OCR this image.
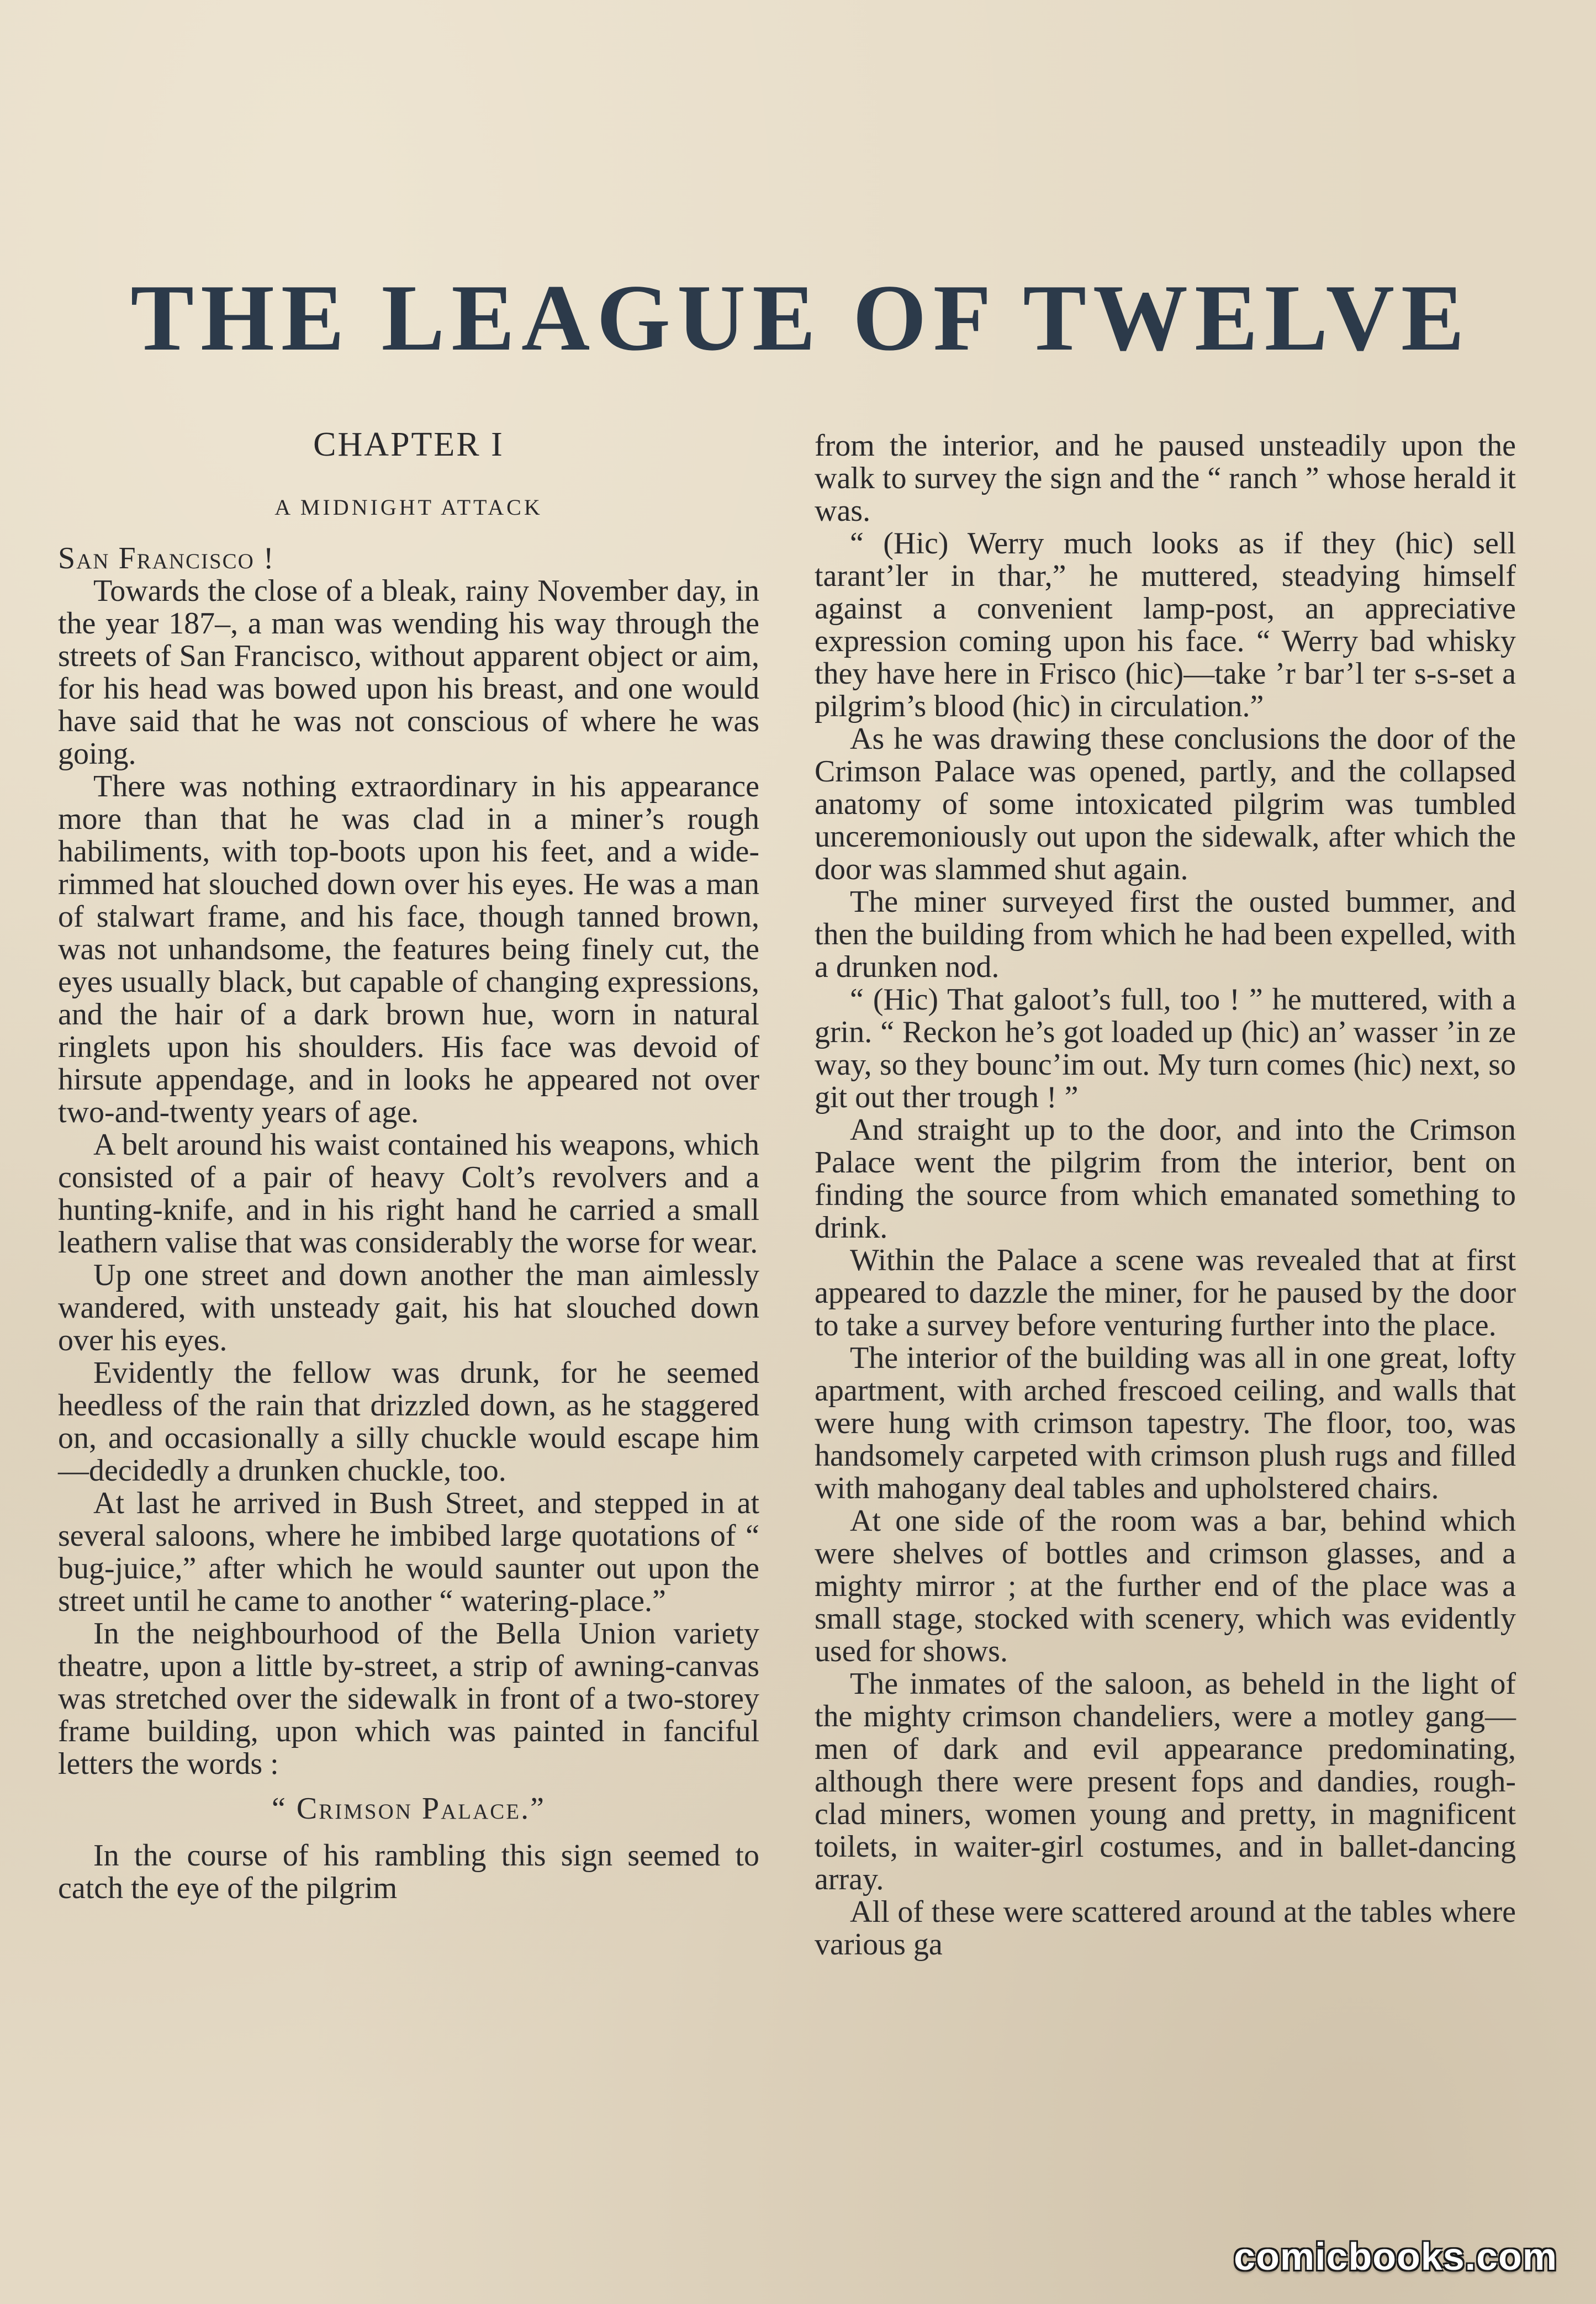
THE LEAGUE OF TWELVE
CHAPTER I
A MIDNIGHT ATTACK

San Francisco !

Towards the close of a bleak, rainy November day, in the year 187–, a man was wending his way through the streets of San Francisco, without apparent object or aim, for his head was bowed upon his breast, and one would have said that he was not conscious of where he was going.

There was nothing extraordinary in his appearance more than that he was clad in a miner’s rough habiliments, with top-boots upon his feet, and a wide-rimmed hat slouched down over his eyes. He was a man of stalwart frame, and his face, though tanned brown, was not unhandsome, the features being finely cut, the eyes usually black, but capable of changing expressions, and the hair of a dark brown hue, worn in natural ringlets upon his shoulders. His face was devoid of hirsute appendage, and in looks he appeared not over two-and-twenty years of age.

A belt around his waist contained his weapons, which consisted of a pair of heavy Colt’s revolvers and a hunting-knife, and in his right hand he carried a small leathern valise that was considerably the worse for wear.

Up one street and down another the man aimlessly wandered, with unsteady gait, his hat slouched down over his eyes.

Evidently the fellow was drunk, for he seemed heedless of the rain that drizzled down, as he staggered on, and occasionally a silly chuckle would escape him—decidedly a drunken chuckle, too.

At last he arrived in Bush Street, and stepped in at several saloons, where he imbibed large quotations of “ bug-juice,” after which he would saunter out upon the street until he came to another “ watering-place.”

In the neighbourhood of the Bella Union variety theatre, upon a little by-street, a strip of awning-canvas was stretched over the sidewalk in front of a two-storey frame building, upon which was painted in fanciful letters the words :

“ Crimson Palace.”

In the course of his rambling this sign seemed to catch the eye of the pilgrim

from the interior, and he paused unsteadily upon the walk to survey the sign and the “ ranch ” whose herald it was.

“ (Hic) Werry much looks as if they (hic) sell tarant’ler in thar,” he muttered, steadying himself against a convenient lamp-post, an appreciative expression coming upon his face. “ Werry bad whisky they have here in Frisco (hic)—take ’r bar’l ter s-s-set a pilgrim’s blood (hic) in circulation.”

As he was drawing these conclusions the door of the Crimson Palace was opened, partly, and the collapsed anatomy of some intoxicated pilgrim was tumbled unceremoniously out upon the sidewalk, after which the door was slammed shut again.

The miner surveyed first the ousted bummer, and then the building from which he had been expelled, with a drunken nod.

“ (Hic) That galoot’s full, too ! ” he muttered, with a grin. “ Reckon he’s got loaded up (hic) an’ wasser ’in ze way, so they bounc’im out. My turn comes (hic) next, so git out ther trough ! ”

And straight up to the door, and into the Crimson Palace went the pilgrim from the interior, bent on finding the source from which emanated something to drink.

Within the Palace a scene was revealed that at first appeared to dazzle the miner, for he paused by the door to take a survey before venturing further into the place.

The interior of the building was all in one great, lofty apartment, with arched frescoed ceiling, and walls that were hung with crimson tapestry. The floor, too, was handsomely carpeted with crimson plush rugs and filled with mahogany deal tables and upholstered chairs.

At one side of the room was a bar, behind which were shelves of bottles and crimson glasses, and a mighty mirror ; at the further end of the place was a small stage, stocked with scenery, which was evidently used for shows.

The inmates of the saloon, as beheld in the light of the mighty crimson chandeliers, were a motley gang—men of dark and evil appearance predominating, although there were present fops and dandies, rough-clad miners, women young and pretty, in magnificent toilets, in waiter-girl costumes, and in ballet-dancing array.

All of these were scattered around at the tables where various ga

comicbooks.com
